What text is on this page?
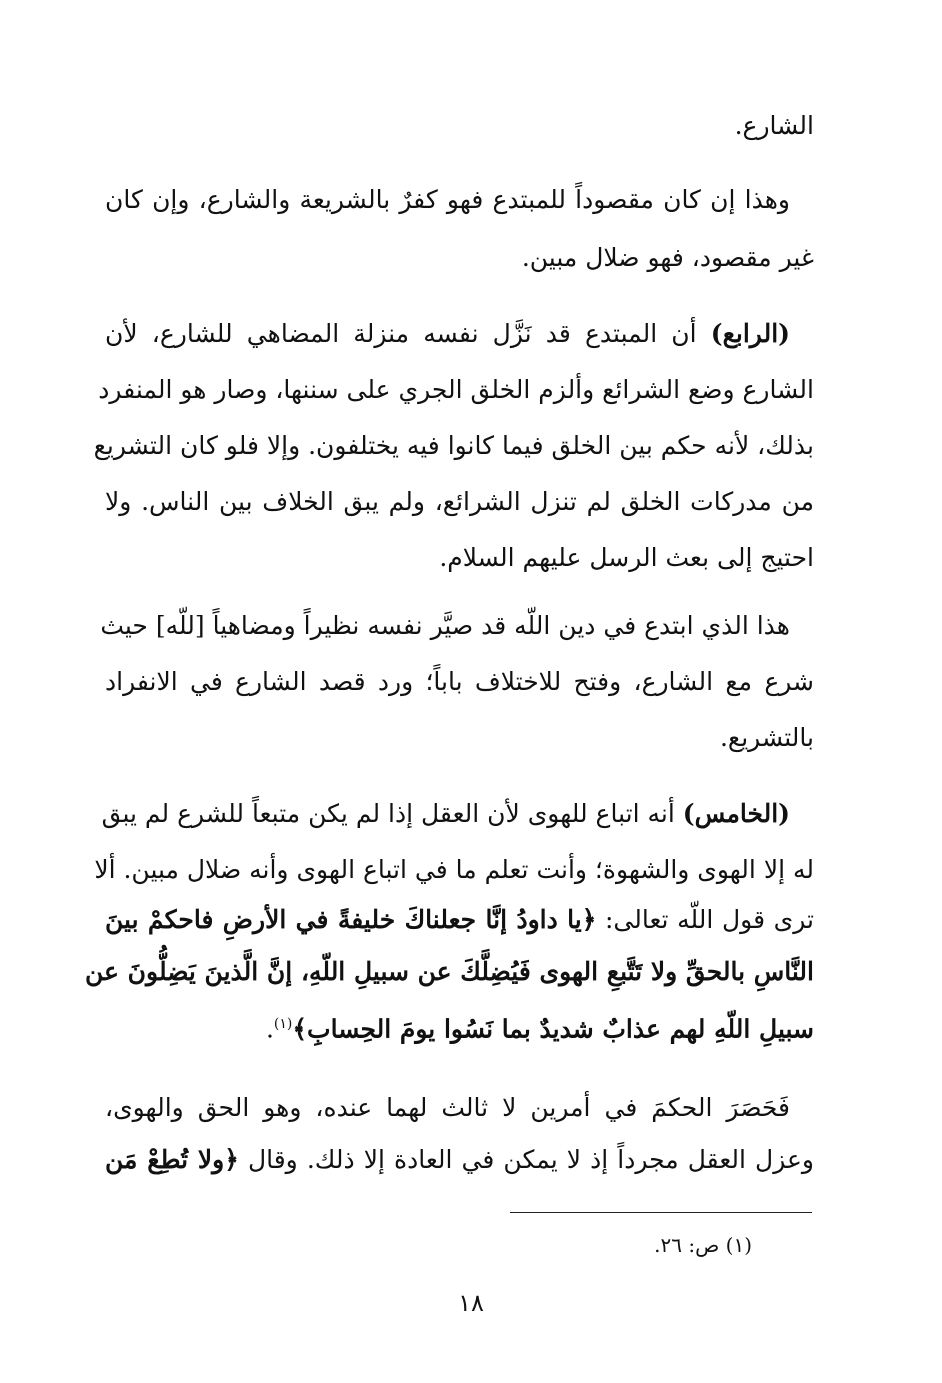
الشارع.
وهذا إن كان مقصوداً للمبتدع فهو كفرٌ بالشريعة والشارع، وإن كان
غير مقصود، فهو ضلال مبين.
(الرابع) أن المبتدع قد نَزَّل نفسه منزلة المضاهي للشارع، لأن
الشارع وضع الشرائع وألزم الخلق الجري على سننها، وصار هو المنفرد
بذلك، لأنه حكم بين الخلق فيما كانوا فيه يختلفون. وإلا فلو كان التشريع
من مدركات الخلق لم تنزل الشرائع، ولم يبق الخلاف بين الناس. ولا
احتيج إلى بعث الرسل عليهم السلام.
هذا الذي ابتدع في دين اللّه قد صيَّر نفسه نظيراً ومضاهياً [للّه] حيث
شرع مع الشارع، وفتح للاختلاف باباً؛ ورد قصد الشارع في الانفراد
بالتشريع.
(الخامس) أنه اتباع للهوى لأن العقل إذا لم يكن متبعاً للشرع لم يبق
له إلا الهوى والشهوة؛ وأنت تعلم ما في اتباع الهوى وأنه ضلال مبين. ألا
ترى قول اللّه تعالى: ﴿يا داودُ إنَّا جعلناكَ خليفةً في الأرضِ فاحكمْ بينَ
النَّاسِ بالحقِّ ولا تَتَّبعِ الهوى فَيُضِلَّكَ عن سبيلِ اللّهِ، إنَّ الَّذينَ يَضِلُّونَ عن
سبيلِ اللّهِ لهم عذابٌ شديدٌ بما نَسُوا يومَ الحِسابِ﴾$^{(١)}$.
فَحَصَرَ الحكمَ في أمرين لا ثالث لهما عنده، وهو الحق والهوى،
وعزل العقل مجرداً إذ لا يمكن في العادة إلا ذلك. وقال ﴿ولا تُطِعْ مَن
(١) ص: ٢٦.
١٨
